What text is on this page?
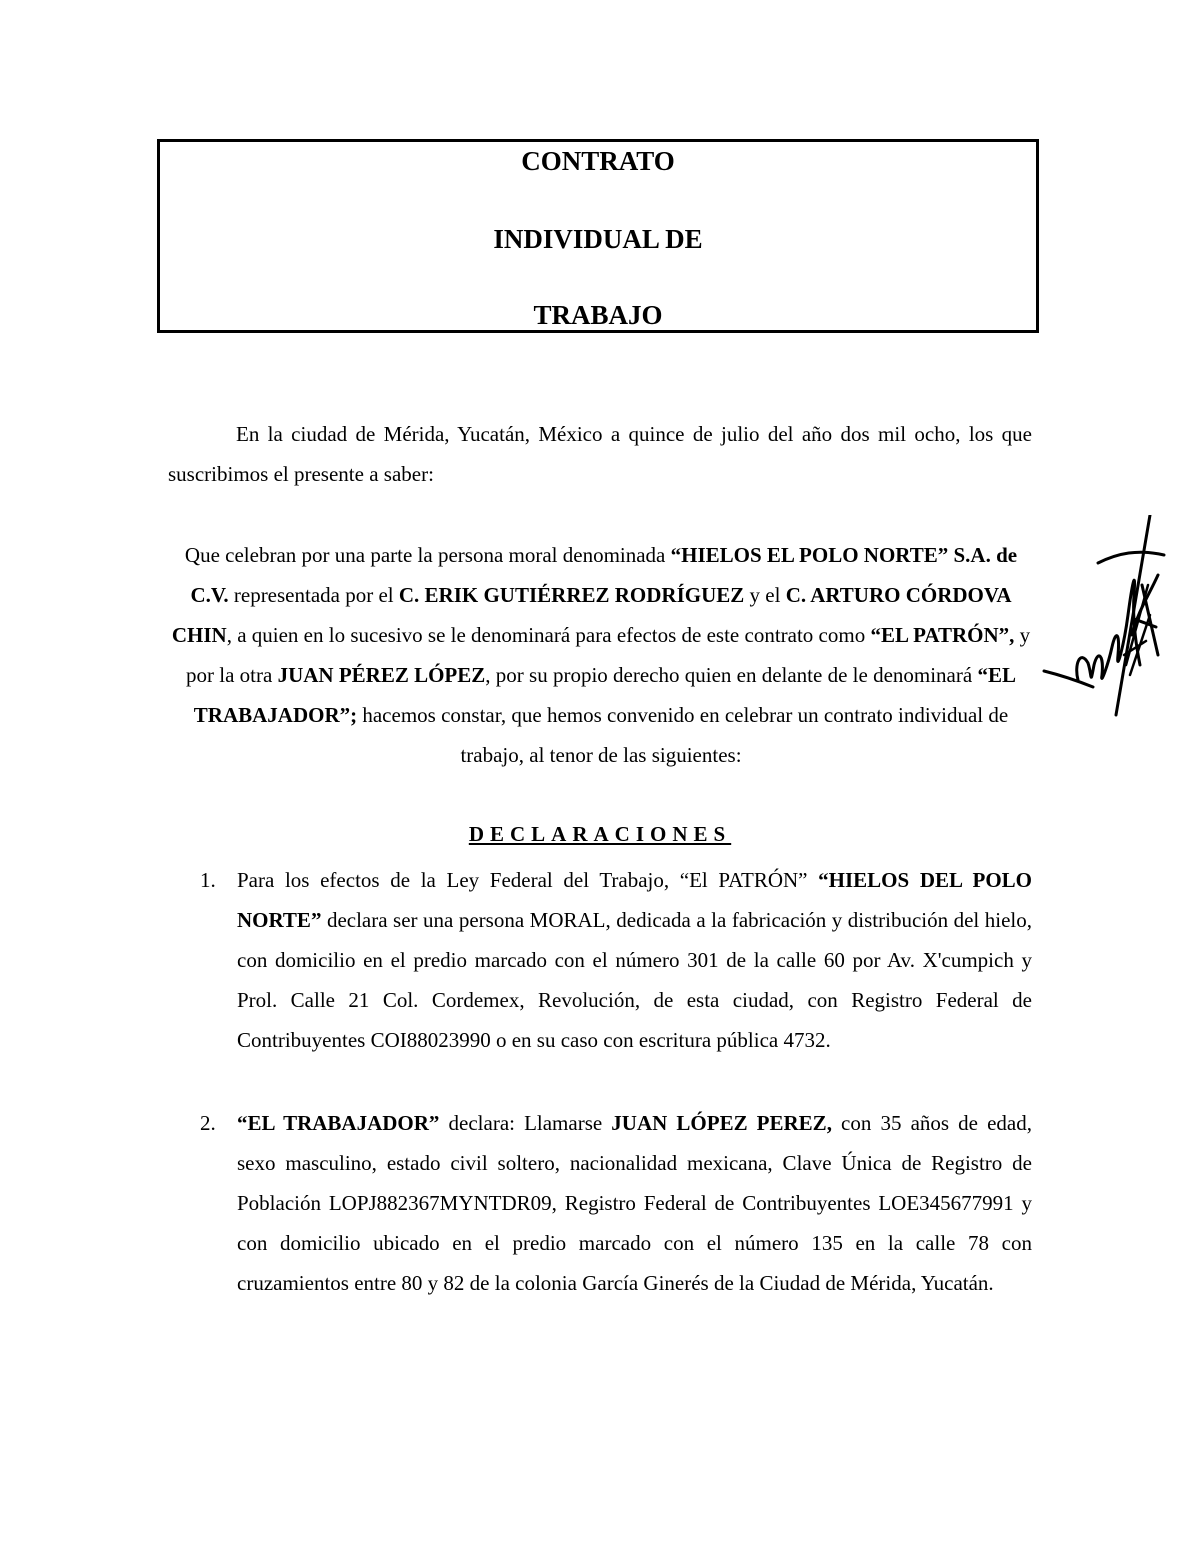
CONTRATO
INDIVIDUAL DE
TRABAJO

En la ciudad de Mérida, Yucatán, México a quince de julio del año dos mil ocho, los que suscribimos el presente a saber:

Que celebran por una parte la persona moral denominada “HIELOS EL POLO NORTE” S.A. de C.V. representada por el C. ERIK GUTIÉRREZ RODRÍGUEZ y el C. ARTURO CÓRDOVA CHIN, a quien en lo sucesivo se le denominará para efectos de este contrato como “EL PATRÓN”, y por la otra JUAN PÉREZ LÓPEZ, por su propio derecho quien en delante de le denominará “EL TRABAJADOR”; hacemos constar, que hemos convenido en celebrar un contrato individual de trabajo, al tenor de las siguientes:

DECLARACIONES
1. Para los efectos de la Ley Federal del Trabajo, “El PATRÓN” “HIELOS DEL POLO NORTE” declara ser una persona MORAL, dedicada a la fabricación y distribución del hielo, con domicilio en el predio marcado con el número 301 de la calle 60 por Av. X'cumpich y Prol. Calle 21 Col. Cordemex, Revolución, de esta ciudad, con Registro Federal de Contribuyentes COI88023990 o en su caso con escritura pública 4732.

2. “EL TRABAJADOR” declara: Llamarse JUAN LÓPEZ PEREZ, con 35 años de edad, sexo masculino, estado civil soltero, nacionalidad mexicana, Clave Única de Registro de Población LOPJ882367MYNTDR09, Registro Federal de Contribuyentes LOE345677991 y con domicilio ubicado en el predio marcado con el número 135 en la calle 78 con cruzamientos entre 80 y 82 de la colonia García Ginerés de la Ciudad de Mérida, Yucatán.
